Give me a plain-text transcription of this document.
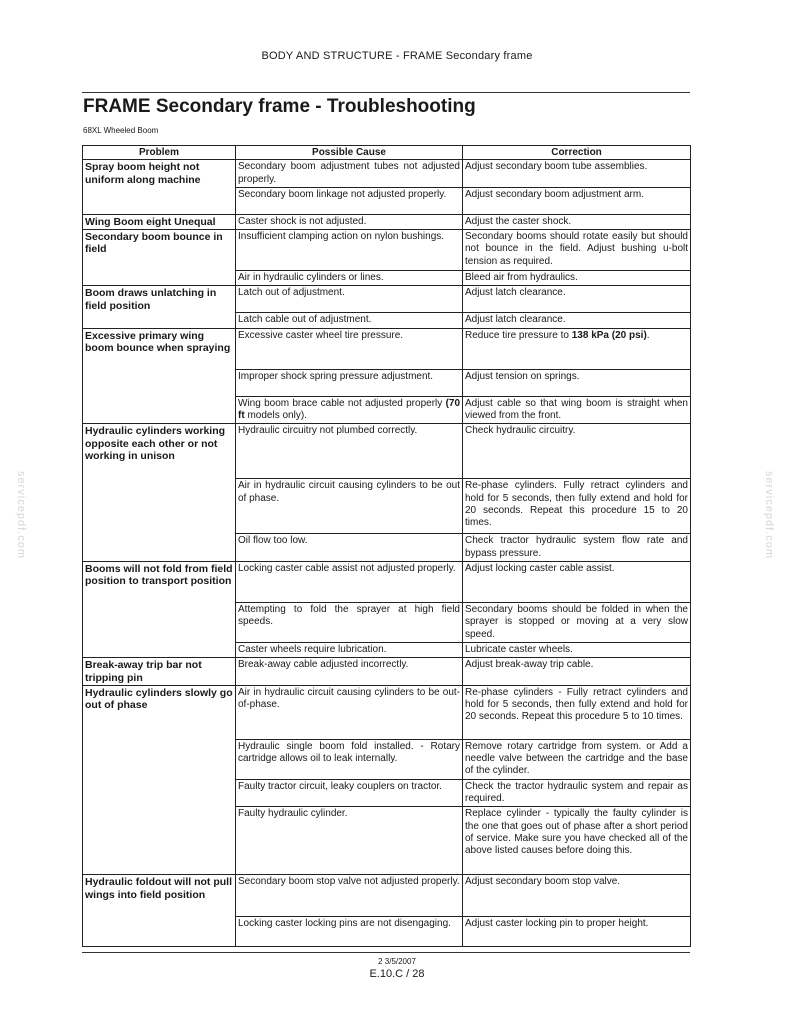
BODY AND STRUCTURE - FRAME Secondary frame
FRAME Secondary frame - Troubleshooting
68XL Wheeled Boom
servicepdf.com	servicepdf.com
Problem	Possible Cause	Correction
Spray boom height not uniform along machine	Secondary boom adjustment tubes not adjusted properly.	Adjust secondary boom tube assemblies.
	Secondary boom linkage not adjusted properly.	Adjust secondary boom adjustment arm.
Wing Boom eight Unequal	Caster shock is not adjusted.	Adjust the caster shock.
Secondary boom bounce in field	Insufficient clamping action on nylon bushings.	Secondary booms should rotate easily but should not bounce in the field. Adjust bushing u-bolt tension as required.
	Air in hydraulic cylinders or lines.	Bleed air from hydraulics.
Boom draws unlatching in field position	Latch out of adjustment.	Adjust latch clearance.
	Latch cable out of adjustment.	Adjust latch clearance.
Excessive primary wing boom bounce when spraying	Excessive caster wheel tire pressure.	Reduce tire pressure to 138 kPa (20 psi).
	Improper shock spring pressure adjustment.	Adjust tension on springs.
	Wing boom brace cable not adjusted properly (70 ft models only).	Adjust cable so that wing boom is straight when viewed from the front.
Hydraulic cylinders working opposite each other or not working in unison	Hydraulic circuitry not plumbed correctly.	Check hydraulic circuitry.
	Air in hydraulic circuit causing cylinders to be out of phase.	Re-phase cylinders. Fully retract cylinders and hold for 5 seconds, then fully extend and hold for 20 seconds. Repeat this procedure 15 to 20 times.
	Oil flow too low.	Check tractor hydraulic system flow rate and bypass pressure.
Booms will not fold from field position to transport position	Locking caster cable assist not adjusted properly.	Adjust locking caster cable assist.
	Attempting to fold the sprayer at high field speeds.	Secondary booms should be folded in when the sprayer is stopped or moving at a very slow speed.
	Caster wheels require lubrication.	Lubricate caster wheels.
Break-away trip bar not tripping pin	Break-away cable adjusted incorrectly.	Adjust break-away trip cable.
Hydraulic cylinders slowly go out of phase	Air in hydraulic circuit causing cylinders to be out-of-phase.	Re-phase cylinders - Fully retract cylinders and hold for 5 seconds, then fully extend and hold for 20 seconds. Repeat this procedure 5 to 10 times.
	Hydraulic single boom fold installed. - Rotary cartridge allows oil to leak internally.	Remove rotary cartridge from system. or Add a needle valve between the cartridge and the base of the cylinder.
	Faulty tractor circuit, leaky couplers on tractor.	Check the tractor hydraulic system and repair as required.
	Faulty hydraulic cylinder.	Replace cylinder - typically the faulty cylinder is the one that goes out of phase after a short period of service. Make sure you have checked all of the above listed causes before doing this.
Hydraulic foldout will not pull wings into field position	Secondary boom stop valve not adjusted properly.	Adjust secondary boom stop valve.
	Locking caster locking pins are not disengaging.	Adjust caster locking pin to proper height.
2 3/5/2007
E.10.C / 28
